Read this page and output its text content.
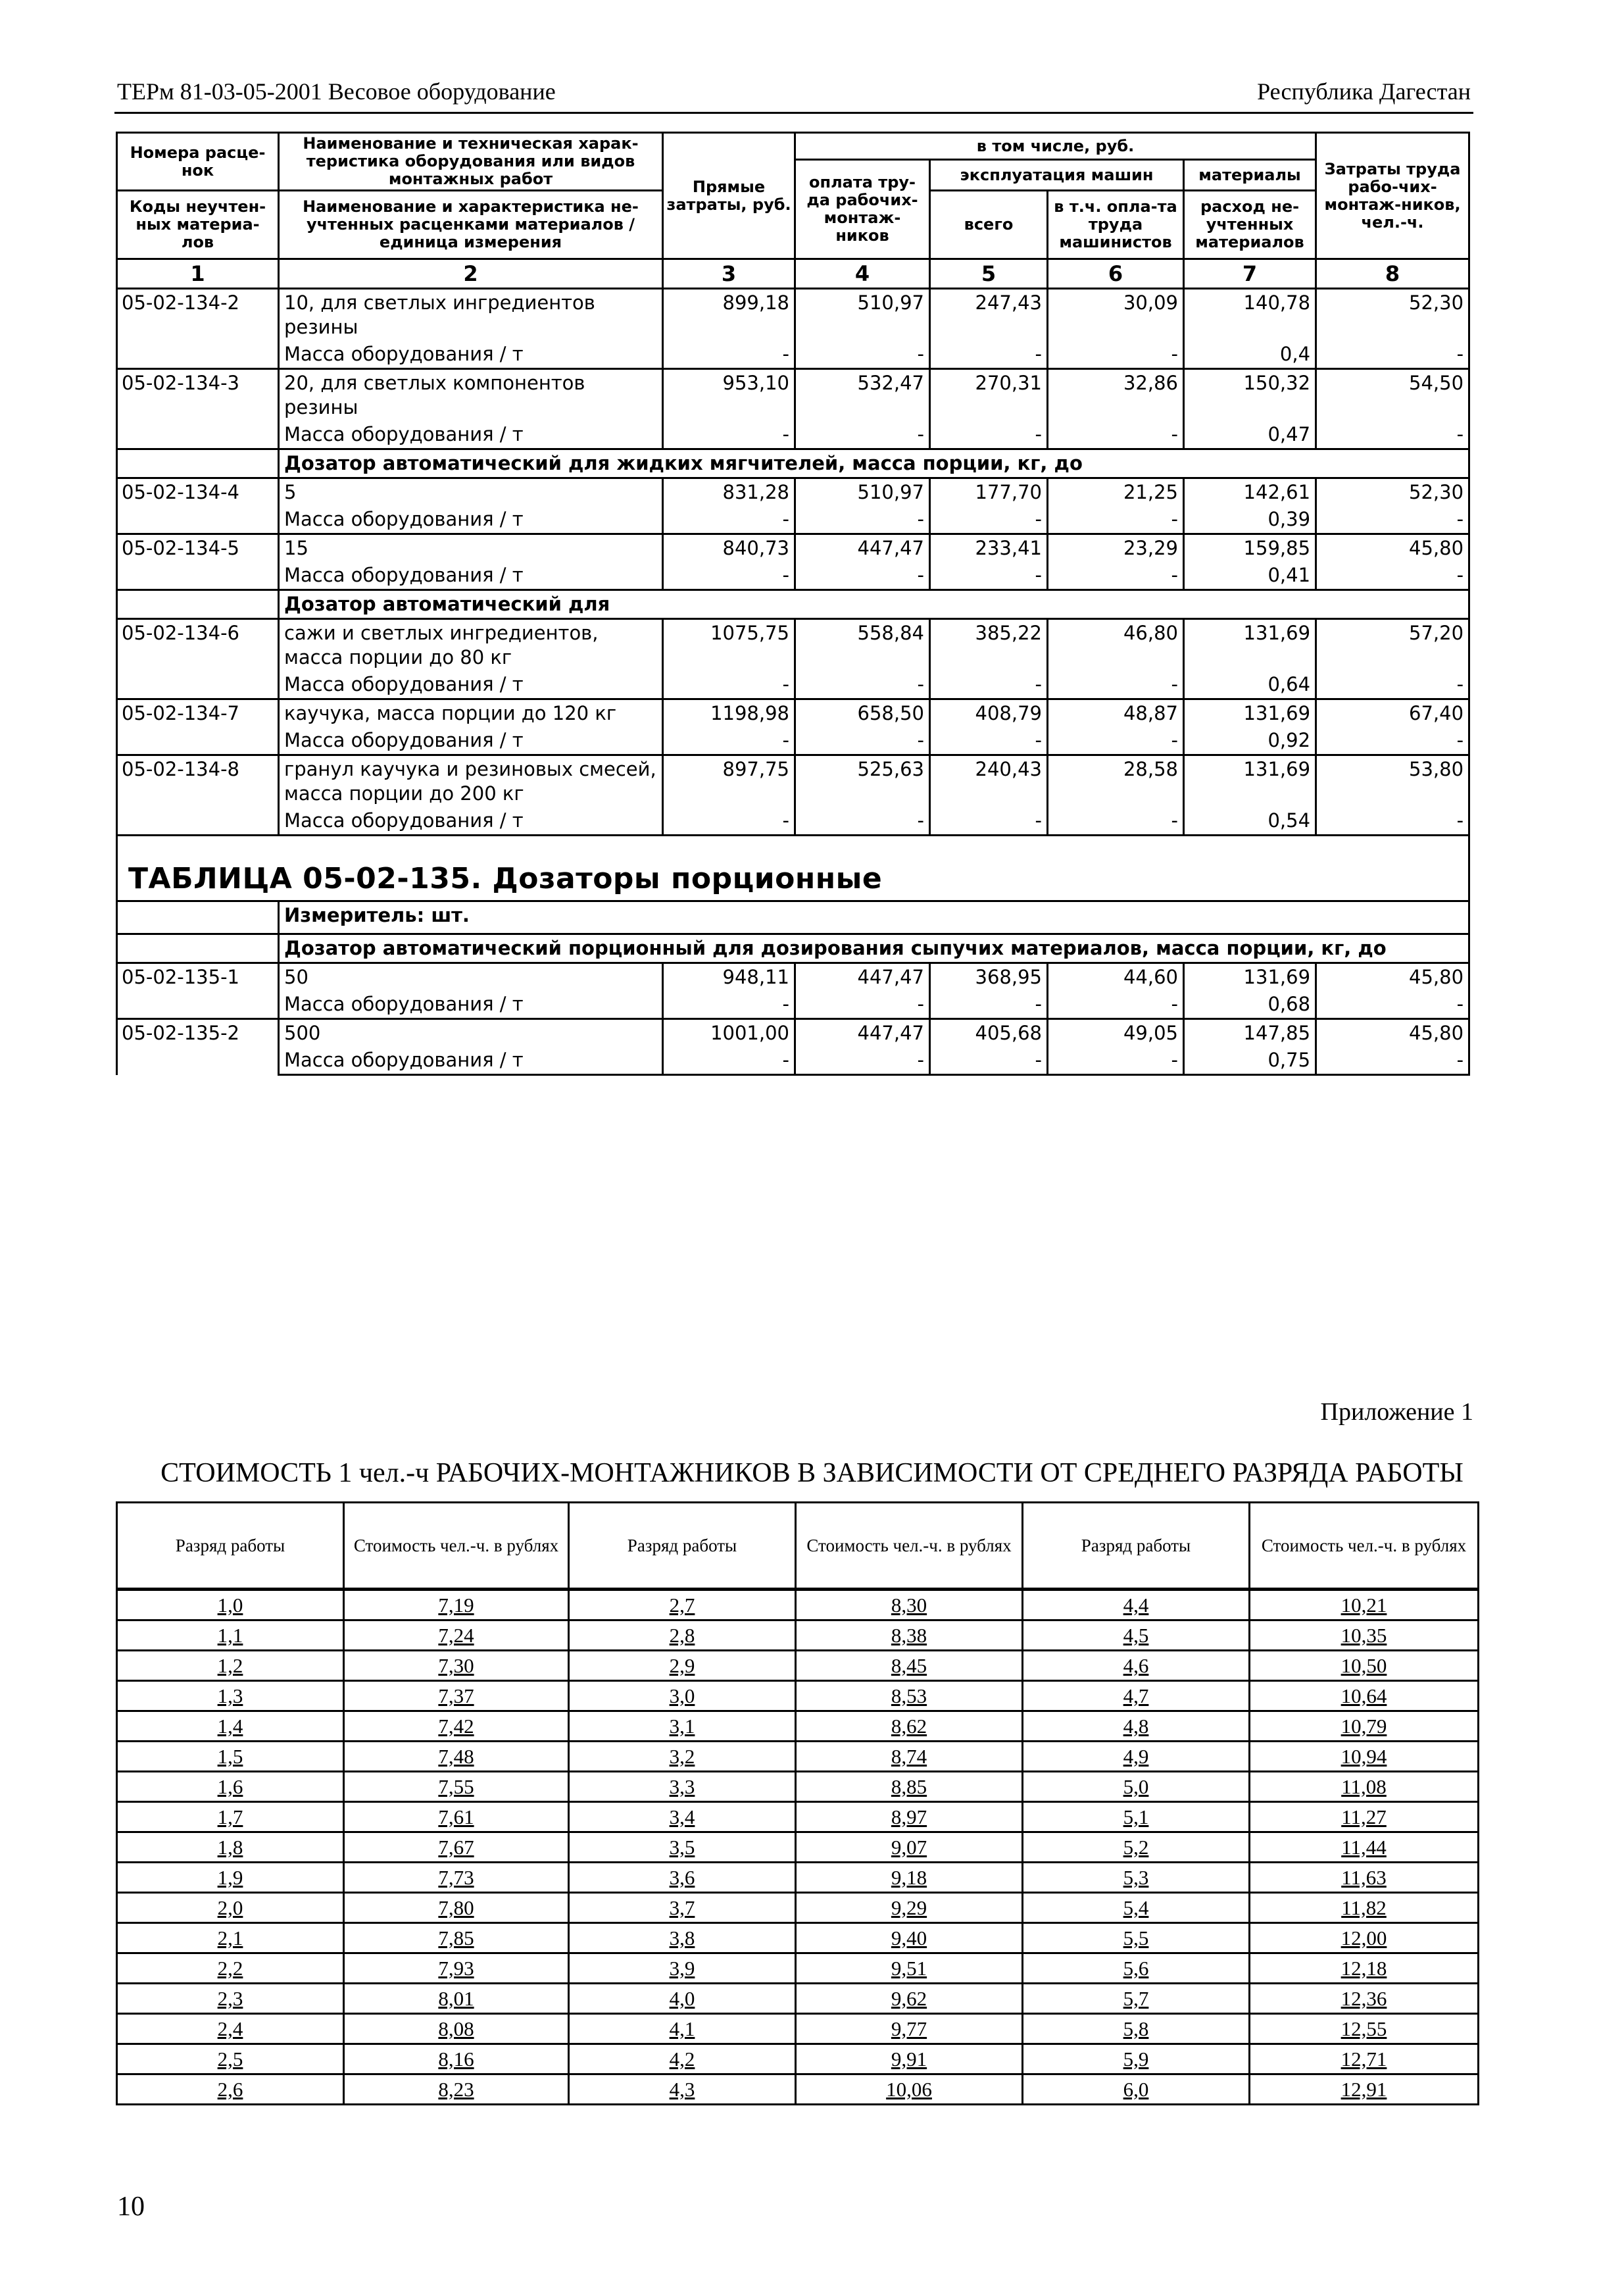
ТЕРм 81-03-05-2001 Весовое оборудование	Республика Дагестан
Номера расце-нок	Наименование и техническая харак-теристика оборудования или видов монтажных работ	Прямые затраты, руб.	в том числе, руб.				Затраты труда рабо-чих-монтаж-ников, чел.-ч.
			оплата тру-да рабочих-монтаж-ников	эксплуатация машин		материалы	
Коды неучтен-ных материа-лов	Наименование и характеристика не-учтенных расценками материалов / единица измерения			всего	в т.ч. опла-та труда машинистов	расход не-учтенных материалов	

1	2	3	4	5	6	7	8
05-02-134-2	10, для светлых ингредиентов резины	899,18	510,97	247,43	30,09	140,78	52,30
	Масса оборудования / т	-	-	-	-	0,4	-
05-02-134-3	20, для светлых компонентов резины	953,10	532,47	270,31	32,86	150,32	54,50
	Масса оборудования / т	-	-	-	-	0,47	-
	Дозатор автоматический для жидких мягчителей, масса порции, кг, до						
05-02-134-4	5	831,28	510,97	177,70	21,25	142,61	52,30
	Масса оборудования / т	-	-	-	-	0,39	-
05-02-134-5	15	840,73	447,47	233,41	23,29	159,85	45,80
	Масса оборудования / т	-	-	-	-	0,41	-
	Дозатор автоматический для						
05-02-134-6	сажи и светлых ингредиентов, масса порции до 80 кг	1075,75	558,84	385,22	46,80	131,69	57,20
	Масса оборудования / т	-	-	-	-	0,64	-
05-02-134-7	каучука, масса порции до 120 кг	1198,98	658,50	408,79	48,87	131,69	67,40
	Масса оборудования / т	-	-	-	-	0,92	-
05-02-134-8	гранул каучука и резиновых смесей, масса порции до 200 кг	897,75	525,63	240,43	28,58	131,69	53,80
	Масса оборудования / т	-	-	-	-	0,54	-
ТАБЛИЦА 05-02-135. Дозаторы порционные							
	Измеритель: шт.						
	Дозатор автоматический порционный для дозирования сыпучих материалов, масса порции, кг, до						
05-02-135-1	50	948,11	447,47	368,95	44,60	131,69	45,80
	Масса оборудования / т	-	-	-	-	0,68	-
05-02-135-2	500	1001,00	447,47	405,68	49,05	147,85	45,80
	Масса оборудования / т	-	-	-	-	0,75	-
Приложение 1
СТОИМОСТЬ 1 чел.-ч РАБОЧИХ-МОНТАЖНИКОВ В ЗАВИСИМОСТИ ОТ СРЕДНЕГО РАЗРЯДА РАБОТЫ
Разряд работы	Стоимость чел.-ч. в рублях	Разряд работы	Стоимость чел.-ч. в рублях	Разряд работы	Стоимость чел.-ч. в рублях
1,0	7,19	2,7	8,30	4,4	10,21
1,1	7,24	2,8	8,38	4,5	10,35
1,2	7,30	2,9	8,45	4,6	10,50
1,3	7,37	3,0	8,53	4,7	10,64
1,4	7,42	3,1	8,62	4,8	10,79
1,5	7,48	3,2	8,74	4,9	10,94
1,6	7,55	3,3	8,85	5,0	11,08
1,7	7,61	3,4	8,97	5,1	11,27
1,8	7,67	3,5	9,07	5,2	11,44
1,9	7,73	3,6	9,18	5,3	11,63
2,0	7,80	3,7	9,29	5,4	11,82
2,1	7,85	3,8	9,40	5,5	12,00
2,2	7,93	3,9	9,51	5,6	12,18
2,3	8,01	4,0	9,62	5,7	12,36
2,4	8,08	4,1	9,77	5,8	12,55
2,5	8,16	4,2	9,91	5,9	12,71
2,6	8,23	4,3	10,06	6,0	12,91
10
